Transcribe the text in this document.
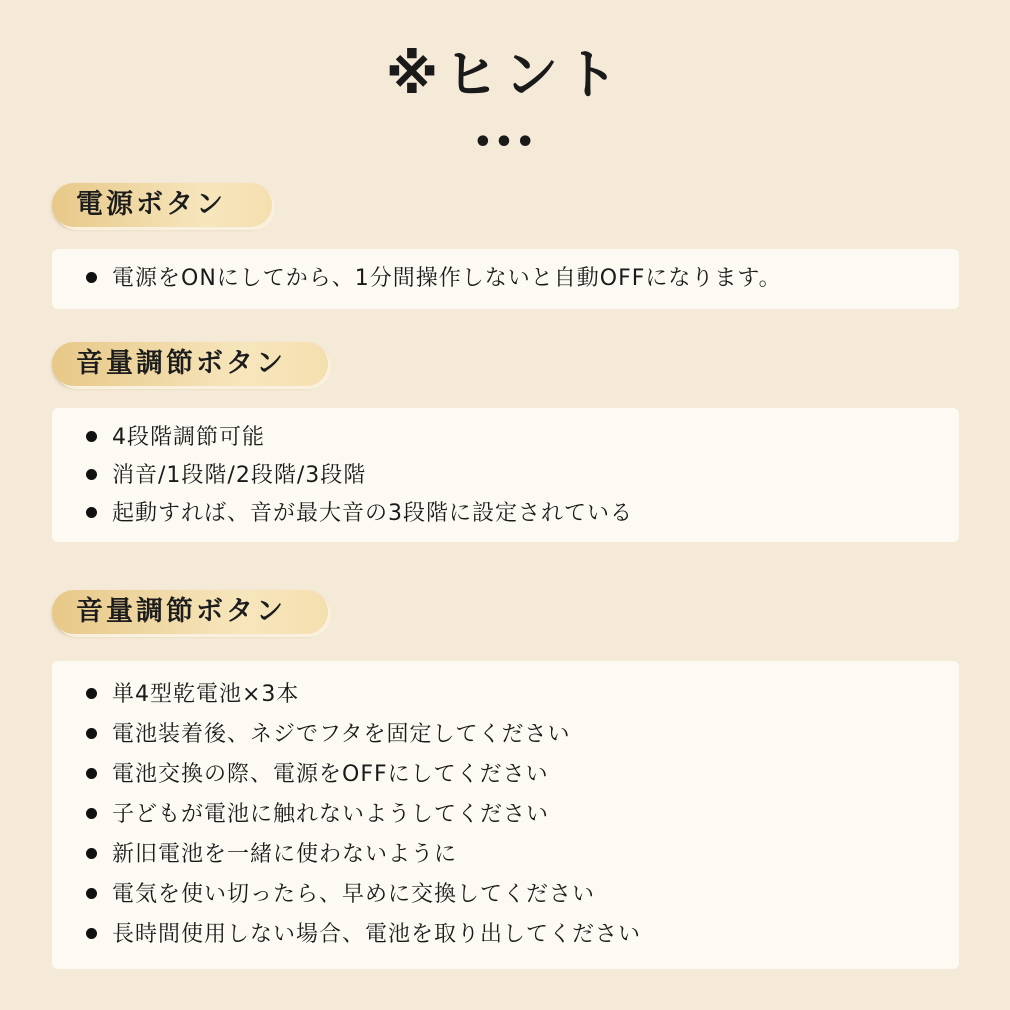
※ヒント
•••
電源ボタン
電源をONにしてから、1分間操作しないと自動OFFになります。
音量調節ボタン
4段階調節可能
消音/1段階/2段階/3段階
起動すれば、音が最大音の3段階に設定されている
音量調節ボタン
単4型乾電池×3本
電池装着後、ネジでフタを固定してください
電池交換の際、電源をOFFにしてください
子どもが電池に触れないようしてください
新旧電池を一緒に使わないように
電気を使い切ったら、早めに交換してください
長時間使用しない場合、電池を取り出してください
